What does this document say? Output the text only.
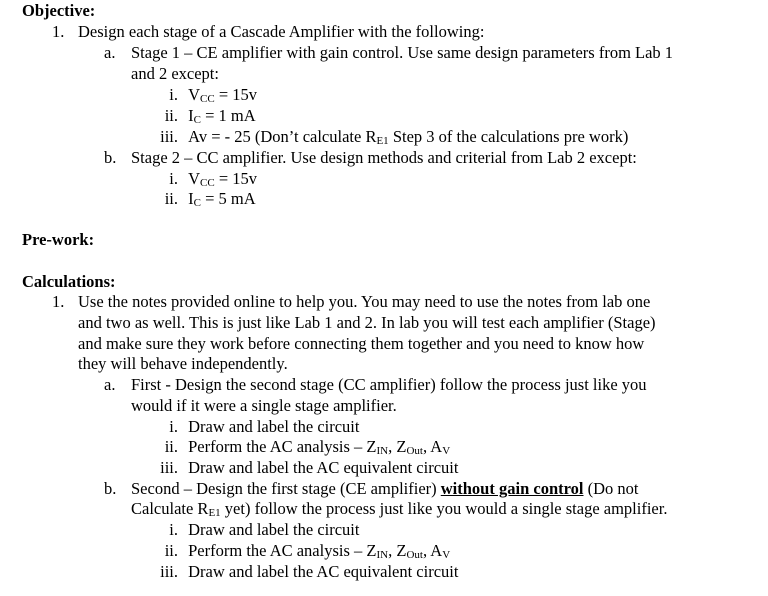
Objective:
1. Design each stage of a Cascade Amplifier with the following:
a. Stage 1 – CE amplifier with gain control. Use same design parameters from Lab 1
and 2 except:
i. VCC = 15v
ii. IC = 1 mA
iii. Av = - 25 (Don’t calculate RE1 Step 3 of the calculations pre work)
b. Stage 2 – CC amplifier. Use design methods and criterial from Lab 2 except:
i. VCC = 15v
ii. IC = 5 mA
Pre-work:
Calculations:
1. Use the notes provided online to help you. You may need to use the notes from lab one
and two as well. This is just like Lab 1 and 2. In lab you will test each amplifier (Stage)
and make sure they work before connecting them together and you need to know how
they will behave independently.
a. First - Design the second stage (CC amplifier) follow the process just like you
would if it were a single stage amplifier.
i. Draw and label the circuit
ii. Perform the AC analysis – ZIN, ZOut, AV
iii. Draw and label the AC equivalent circuit
b. Second – Design the first stage (CE amplifier) without gain control (Do not
Calculate RE1 yet) follow the process just like you would a single stage amplifier.
i. Draw and label the circuit
ii. Perform the AC analysis – ZIN, ZOut, AV
iii. Draw and label the AC equivalent circuit
